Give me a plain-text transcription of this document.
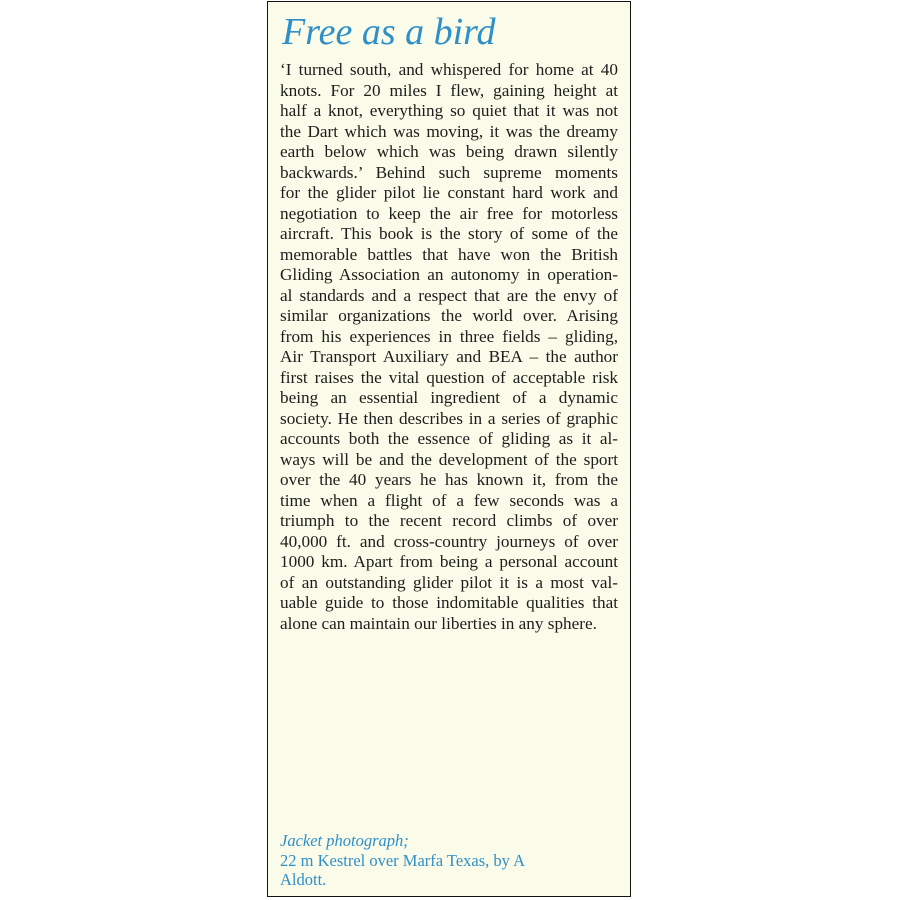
Free as a bird
‘I turned south, and whispered for home at 40
knots. For 20 miles I flew, gaining height at
half a knot, everything so quiet that it was not
the Dart which was moving, it was the dreamy
earth below which was being drawn silently
backwards.’ Behind such supreme moments
for the glider pilot lie constant hard work and
negotiation to keep the air free for motorless
aircraft. This book is the story of some of the
memorable battles that have won the British
Gliding Association an autonomy in operation-
al standards and a respect that are the envy of
similar organizations the world over. Arising
from his experiences in three fields – gliding,
Air Transport Auxiliary and BEA – the author
first raises the vital question of acceptable risk
being an essential ingredient of a dynamic
society. He then describes in a series of graphic
accounts both the essence of gliding as it al-
ways will be and the development of the sport
over the 40 years he has known it, from the
time when a flight of a few seconds was a
triumph to the recent record climbs of over
40,000 ft. and cross-country journeys of over
1000 km. Apart from being a personal account
of an outstanding glider pilot it is a most val-
uable guide to those indomitable qualities that
alone can maintain our liberties in any sphere.
Jacket photograph;
22 m Kestrel over Marfa Texas, by A
Aldott.
